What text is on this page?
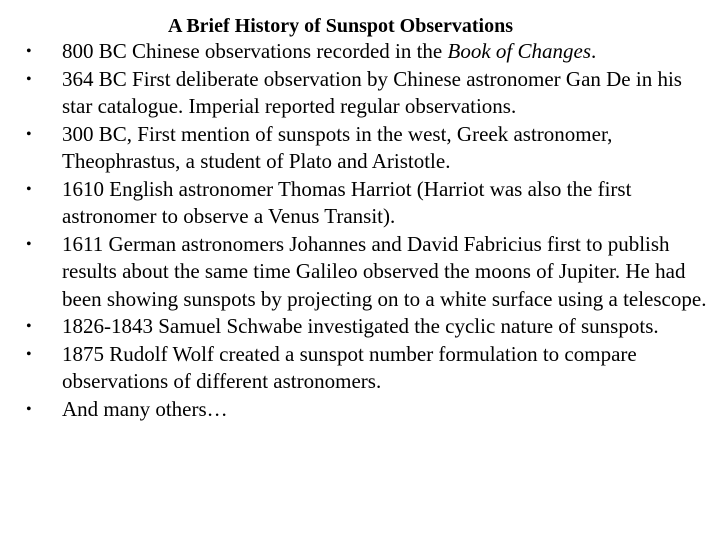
A Brief History of Sunspot Observations
• 800 BC Chinese observations recorded in the Book of Changes.
• 364 BC First deliberate observation by Chinese astronomer Gan De in his star catalogue. Imperial reported regular observations.
• 300 BC, First mention of sunspots in the west, Greek astronomer, Theophrastus, a student of Plato and Aristotle.
• 1610 English astronomer Thomas Harriot (Harriot was also the first astronomer to observe a Venus Transit).
• 1611 German astronomers Johannes and David Fabricius first to publish results about the same time Galileo observed the moons of Jupiter. He had been showing sunspots by projecting on to a white surface using a telescope.
• 1826-1843 Samuel Schwabe investigated the cyclic nature of sunspots.
• 1875 Rudolf Wolf created a sunspot number formulation to compare observations of different astronomers.
• And many others…
